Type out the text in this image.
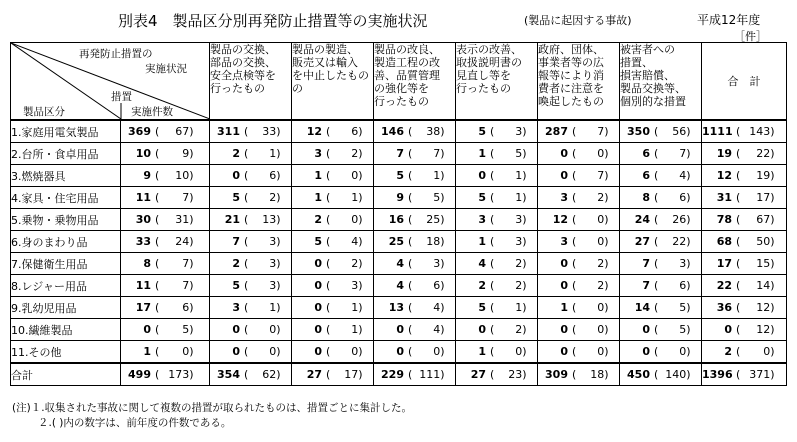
別表4　製品区分別再発防止措置等の実施状況	(製品に起因する事故)	平成12年度
［件］
再発防止措置の
実施状況
措置
実施件数
製品区分		製品の交換、
部品の交換、
安全点検等を
行ったもの	製品の製造、
販売又は輸入
を中止したもの
の	製品の改良、
製造工程の改
善、品質管理
の強化等を
行ったもの	表示の改善、
取扱説明書の
見直し等を
行ったもの	政府、団体、
事業者等の広
報等により消
費者に注意を
喚起したもの	被害者への
措置、
損害賠償、
製品交換等、
個別的な措置	合　計
1.家庭用電気製品	369 ( 67)	311 ( 33)	12 ( 6)	146 ( 38)	5 ( 3)	287 ( 7)	350 ( 56)	1111 ( 143)
2.台所・食卓用品	10 ( 9)	2 ( 1)	3 ( 2)	7 ( 7)	1 ( 5)	0 ( 0)	6 ( 7)	19 ( 22)
3.燃焼器具	9 ( 10)	0 ( 6)	1 ( 0)	5 ( 1)	0 ( 1)	0 ( 7)	6 ( 4)	12 ( 19)
4.家具・住宅用品	11 ( 7)	5 ( 2)	1 ( 1)	9 ( 5)	5 ( 1)	3 ( 2)	8 ( 6)	31 ( 17)
5.乗物・乗物用品	30 ( 31)	21 ( 13)	2 ( 0)	16 ( 25)	3 ( 3)	12 ( 0)	24 ( 26)	78 ( 67)
6.身のまわり品	33 ( 24)	7 ( 3)	5 ( 4)	25 ( 18)	1 ( 3)	3 ( 0)	27 ( 22)	68 ( 50)
7.保健衛生用品	8 ( 7)	2 ( 3)	0 ( 2)	4 ( 3)	4 ( 2)	0 ( 2)	7 ( 3)	17 ( 15)
8.レジャー用品	11 ( 7)	5 ( 3)	0 ( 3)	4 ( 6)	2 ( 2)	0 ( 2)	7 ( 6)	22 ( 14)
9.乳幼児用品	17 ( 6)	3 ( 1)	0 ( 1)	13 ( 4)	5 ( 1)	1 ( 0)	14 ( 5)	36 ( 12)
10.繊維製品	0 ( 5)	0 ( 0)	0 ( 1)	0 ( 4)	0 ( 2)	0 ( 0)	0 ( 5)	0 ( 12)
11.その他	1 ( 0)	0 ( 0)	0 ( 0)	0 ( 0)	1 ( 0)	0 ( 0)	0 ( 0)	2 ( 0)
合計	499 ( 173)	354 ( 62)	27 ( 17)	229 ( 111)	27 ( 23)	309 ( 18)	450 ( 140)	1396 ( 371)
(注)１.収集された事故に関して複数の措置が取られたものは、措置ごとに集計した。
２.( )内の数字は、前年度の件数である。
